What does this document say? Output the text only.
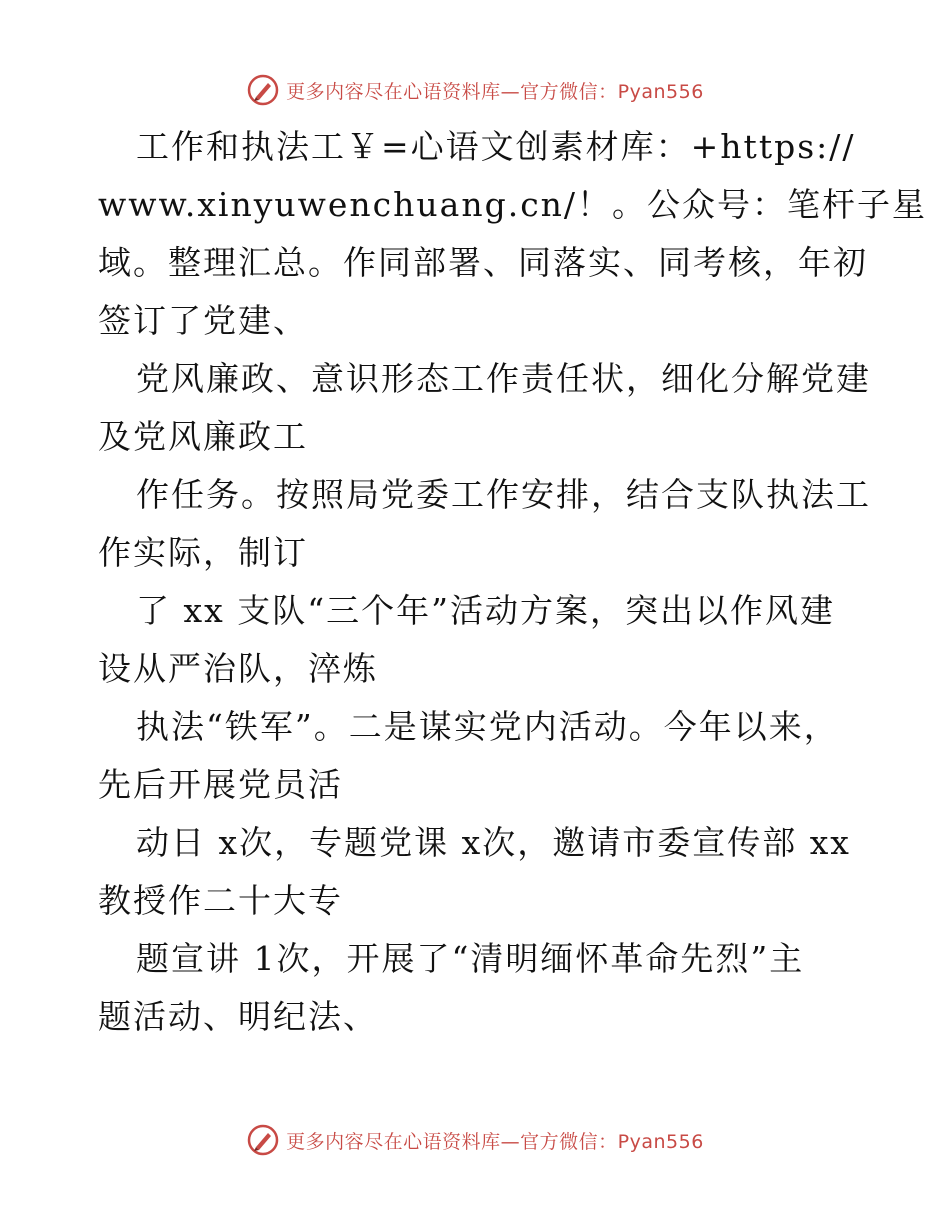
更多内容尽在心语资料库—官方微信：Pyan556
工作和执法工￥=心语文创素材库：+https://
www.xinyuwenchuang.cn/！。公众号：笔杆子星
域。整理汇总。作同部署、同落实、同考核，年初
签订了党建、
党风廉政、意识形态工作责任状，细化分解党建
及党风廉政工
作任务。按照局党委工作安排，结合支队执法工
作实际，制订
了 xx 支队“三个年”活动方案，突出以作风建
设从严治队，淬炼
执法“铁军”。二是谋实党内活动。今年以来，
先后开展党员活
动日 x次，专题党课 x次，邀请市委宣传部 xx
教授作二十大专
题宣讲 1次，开展了“清明缅怀革命先烈”主
题活动、明纪法、
更多内容尽在心语资料库—官方微信：Pyan556
